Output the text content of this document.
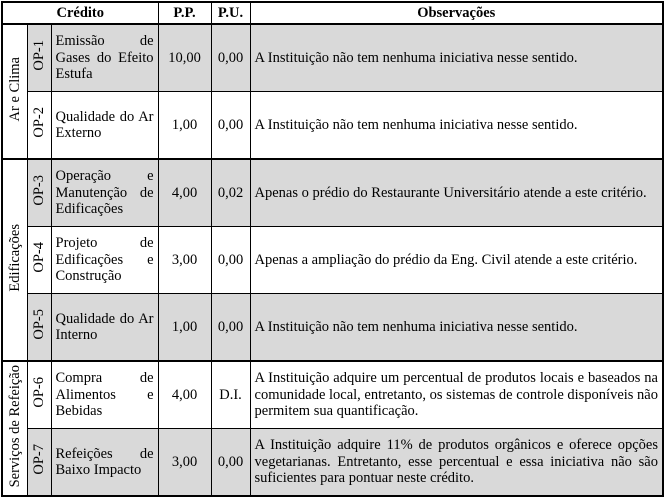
Crédito			P.P.	P.U.	Observações
Ar e Clima	OP-1	Emissão de Gases do Efeito Estufa	10,00	0,00	A Instituição não tem nenhuma iniciativa nesse sentido.
	OP-2	Qualidade do Ar Externo	1,00	0,00	A Instituição não tem nenhuma iniciativa nesse sentido.
Edificações	OP-3	Operação e Manutenção de Edificações	4,00	0,02	Apenas o prédio do Restaurante Universitário atende a este critério.
	OP-4	Projeto de Edificações e Construção	3,00	0,00	Apenas a ampliação do prédio da Eng. Civil atende a este critério.
	OP-5	Qualidade do Ar Interno	1,00	0,00	A Instituição não tem nenhuma iniciativa nesse sentido.
Serviços de Refeição	OP-6	Compra de Alimentos e Bebidas	4,00	D.I.	A Instituição adquire um percentual de produtos locais e baseados na comunidade local, entretanto, os sistemas de controle disponíveis não permitem sua quantificação.
	OP-7	Refeições de Baixo Impacto	3,00	0,00	A Instituição adquire 11% de produtos orgânicos e oferece opções vegetarianas. Entretanto, esse percentual e essa iniciativa não são suficientes para pontuar neste crédito.
